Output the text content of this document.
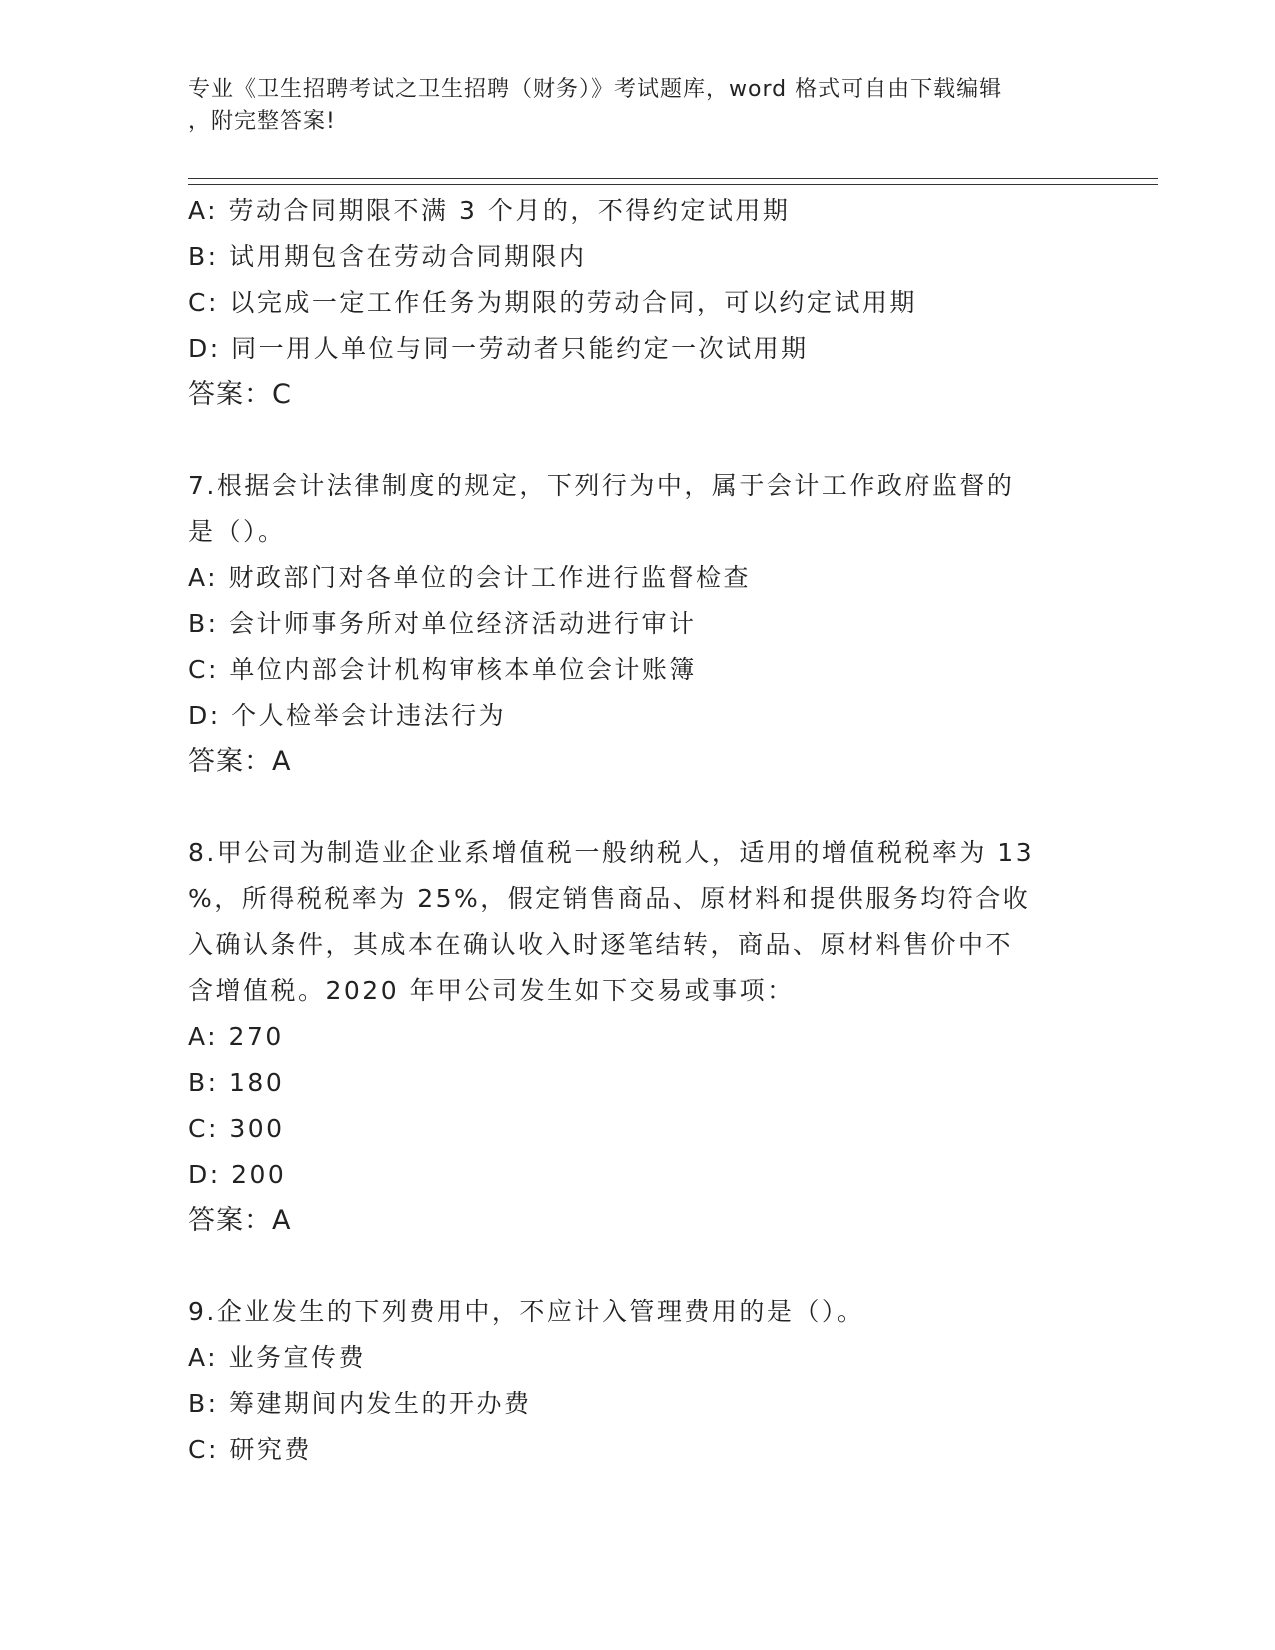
专业《卫生招聘考试之卫生招聘（财务）》考试题库，word 格式可自由下载编辑
，附完整答案!
A: 劳动合同期限不满 3 个月的，不得约定试用期
B: 试用期包含在劳动合同期限内
C: 以完成一定工作任务为期限的劳动合同，可以约定试用期
D: 同一用人单位与同一劳动者只能约定一次试用期
答案：C
7.根据会计法律制度的规定，下列行为中，属于会计工作政府监督的
是（）。
A: 财政部门对各单位的会计工作进行监督检查
B: 会计师事务所对单位经济活动进行审计
C: 单位内部会计机构审核本单位会计账簿
D: 个人检举会计违法行为
答案：A
8.甲公司为制造业企业系增值税一般纳税人，适用的增值税税率为 13
%，所得税税率为 25%，假定销售商品、原材料和提供服务均符合收
入确认条件，其成本在确认收入时逐笔结转，商品、原材料售价中不
含增值税。2020 年甲公司发生如下交易或事项：
A: 270
B: 180
C: 300
D: 200
答案：A
9.企业发生的下列费用中，不应计入管理费用的是（）。
A: 业务宣传费
B: 筹建期间内发生的开办费
C: 研究费
